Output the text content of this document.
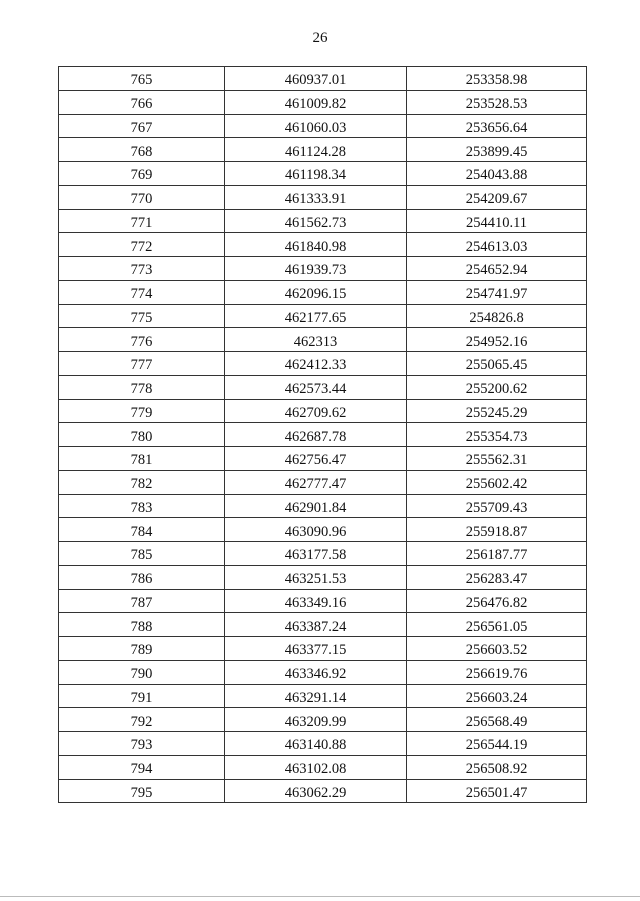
26
765	460937.01	253358.98
766	461009.82	253528.53
767	461060.03	253656.64
768	461124.28	253899.45
769	461198.34	254043.88
770	461333.91	254209.67
771	461562.73	254410.11
772	461840.98	254613.03
773	461939.73	254652.94
774	462096.15	254741.97
775	462177.65	254826.8
776	462313	254952.16
777	462412.33	255065.45
778	462573.44	255200.62
779	462709.62	255245.29
780	462687.78	255354.73
781	462756.47	255562.31
782	462777.47	255602.42
783	462901.84	255709.43
784	463090.96	255918.87
785	463177.58	256187.77
786	463251.53	256283.47
787	463349.16	256476.82
788	463387.24	256561.05
789	463377.15	256603.52
790	463346.92	256619.76
791	463291.14	256603.24
792	463209.99	256568.49
793	463140.88	256544.19
794	463102.08	256508.92
795	463062.29	256501.47
